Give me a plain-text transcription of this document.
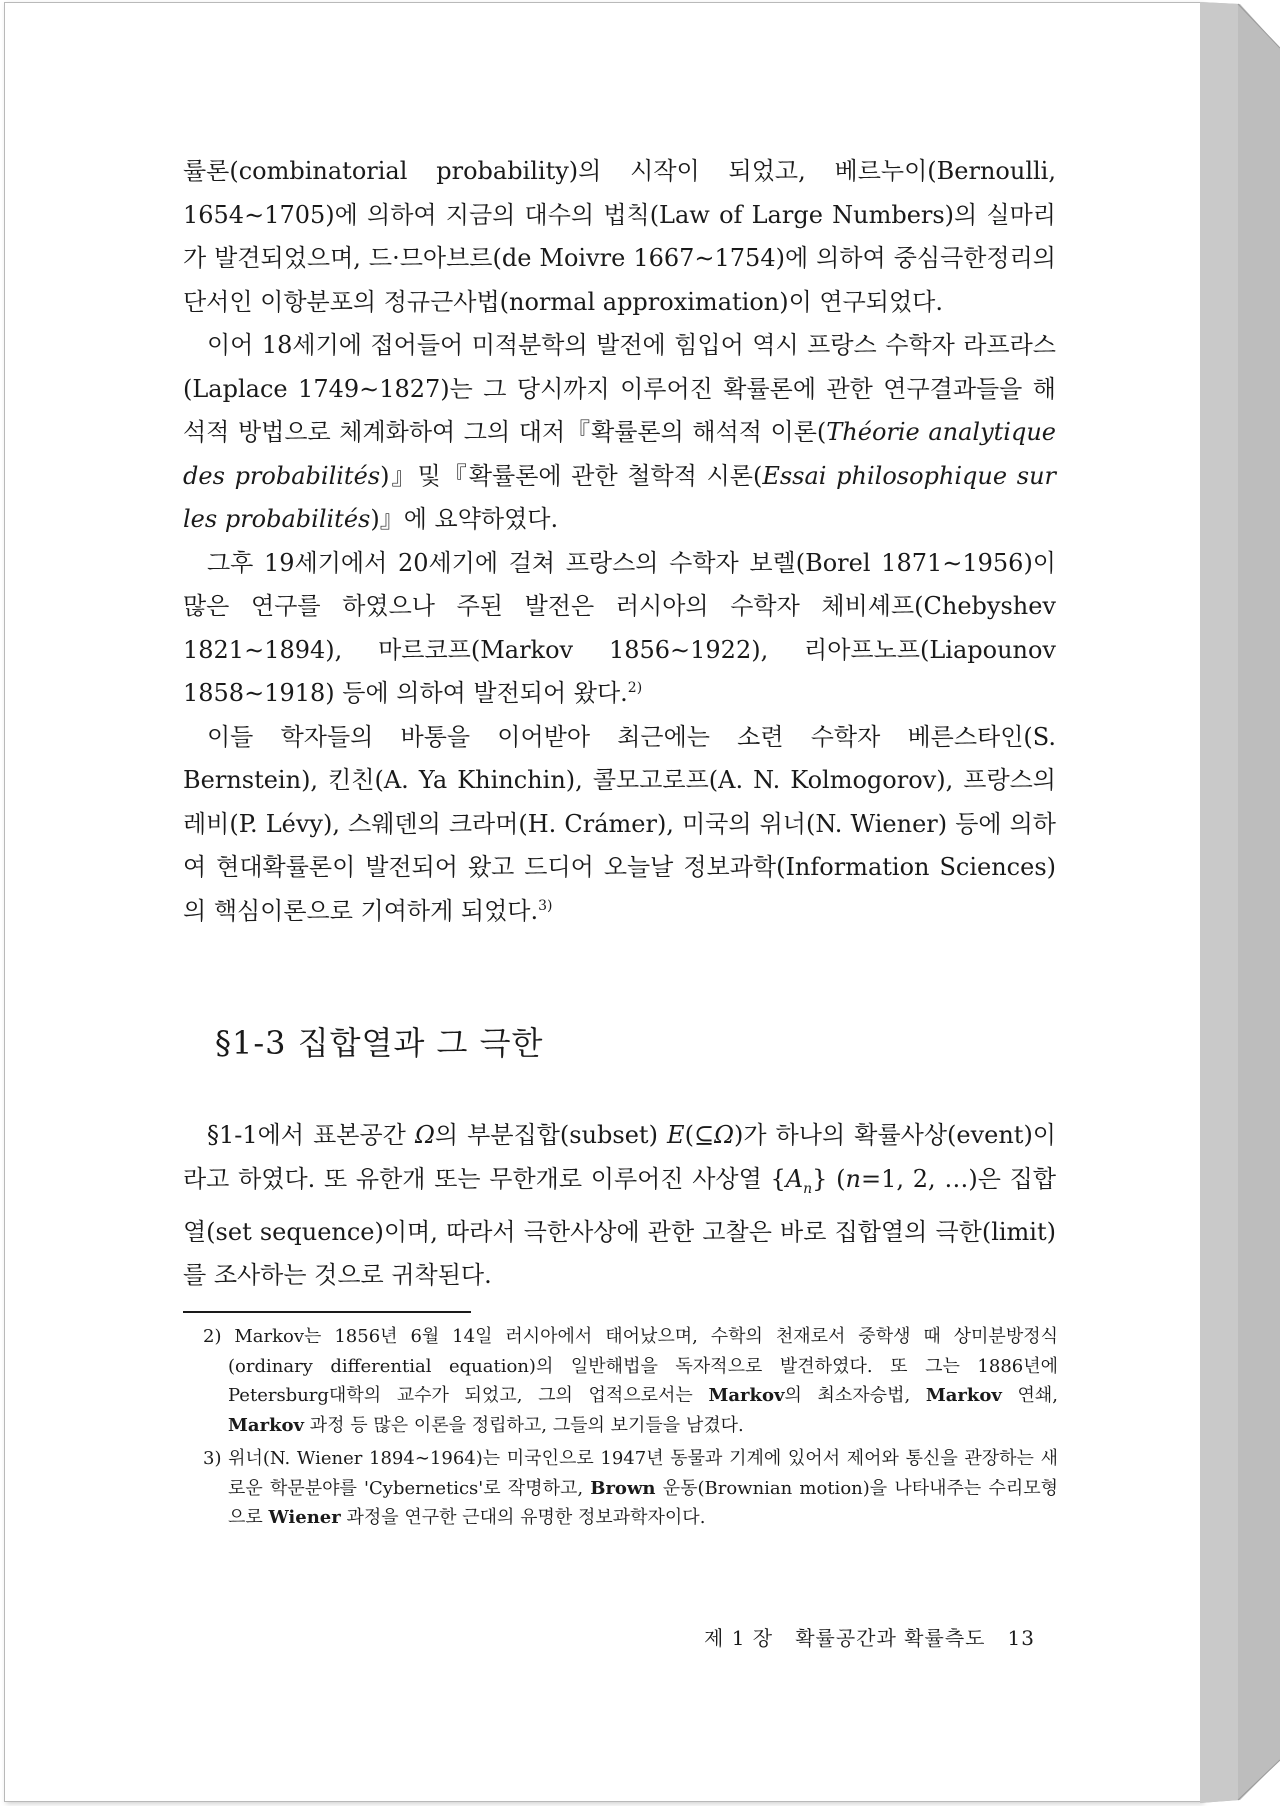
률론(combinatorial probability)의 시작이 되었고, 베르누이(Bernoulli, 1654∼1705)에 의하여 지금의 대수의 법칙(Law of Large Numbers)의 실마리가 발견되었으며, 드·므아브르(de Moivre 1667∼1754)에 의하여 중심극한정리의 단서인 이항분포의 정규근사법(normal approximation)이 연구되었다.

이어 18세기에 접어들어 미적분학의 발전에 힘입어 역시 프랑스 수학자 라프라스(Laplace 1749∼1827)는 그 당시까지 이루어진 확률론에 관한 연구결과들을 해석적 방법으로 체계화하여 그의 대저『확률론의 해석적 이론(Théorie analytique des probabilités)』및『확률론에 관한 철학적 시론(Essai philosophique sur les probabilités)』에 요약하였다.

그후 19세기에서 20세기에 걸쳐 프랑스의 수학자 보렐(Borel 1871∼1956)이 많은 연구를 하였으나 주된 발전은 러시아의 수학자 체비셰프(Chebyshev 1821∼1894), 마르코프(Markov 1856∼1922), 리아프노프(Liapounov 1858∼1918) 등에 의하여 발전되어 왔다.$^{2)}$

이들 학자들의 바통을 이어받아 최근에는 소련 수학자 베른스타인(S. Bernstein), 킨친(A. Ya Khinchin), 콜모고로프(A. N. Kolmogorov), 프랑스의 레비(P. Lévy), 스웨덴의 크라머(H. Crámer), 미국의 위너(N. Wiener) 등에 의하여 현대확률론이 발전되어 왔고 드디어 오늘날 정보과학(Information Sciences)의 핵심이론으로 기여하게 되었다.$^{3)}$

§1-3 집합열과 그 극한

§1-1에서 표본공간 Ω의 부분집합(subset) E(⊆Ω)가 하나의 확률사상(event)이라고 하였다. 또 유한개 또는 무한개로 이루어진 사상열 $\{A_n\}$ (n=1, 2, …)은 집합열(set sequence)이며, 따라서 극한사상에 관한 고찰은 바로 집합열의 극한(limit)를 조사하는 것으로 귀착된다.

2) Markov는 1856년 6월 14일 러시아에서 태어났으며, 수학의 천재로서 중학생 때 상미분방정식(ordinary differential equation)의 일반해법을 독자적으로 발견하였다. 또 그는 1886년에 Petersburg대학의 교수가 되었고, 그의 업적으로서는 Markov의 최소자승법, Markov 연쇄, Markov 과정 등 많은 이론을 정립하고, 그들의 보기들을 남겼다.

3) 위너(N. Wiener 1894∼1964)는 미국인으로 1947년 동물과 기계에 있어서 제어와 통신을 관장하는 새로운 학문분야를 'Cybernetics'로 작명하고, Brown 운동(Brownian motion)을 나타내주는 수리모형으로 Wiener 과정을 연구한 근대의 유명한 정보과학자이다.

제 1 장 확률공간과 확률측도 13
